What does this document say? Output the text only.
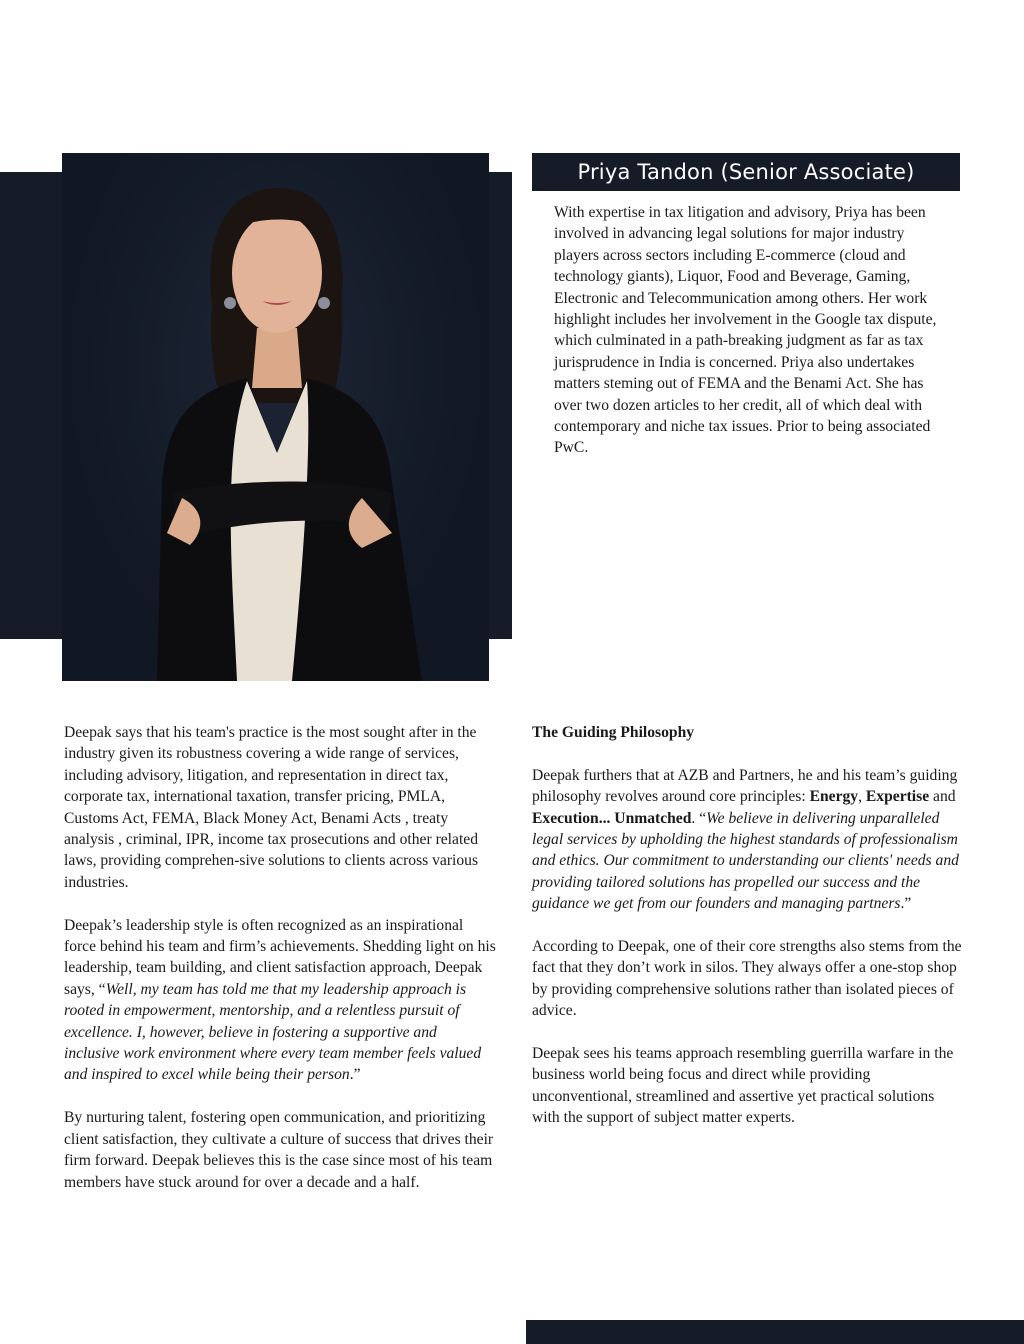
Priya Tandon (Senior Associate)
With expertise in tax litigation and advisory, Priya has been involved in advancing legal solutions for major industry players across sectors including E-commerce (cloud and technology giants), Liquor, Food and Beverage, Gaming, Electronic and Telecommunication among others. Her work highlight includes her involvement in the Google tax dispute, which culminated in a path-breaking judgment as far as tax jurisprudence in India is concerned. Priya also undertakes matters steming out of FEMA and the Benami Act. She has over two dozen articles to her credit, all of which deal with contemporary and niche tax issues. Prior to being associated PwC.

Deepak says that his team's practice is the most sought after in the industry given its robustness covering a wide range of services, including advisory, litigation, and representation in direct tax, corporate tax, international taxation, transfer pricing, PMLA, Customs Act, FEMA, Black Money Act, Benami Acts , treaty analysis , criminal, IPR, income tax prosecutions and other related laws, providing comprehen-sive solutions to clients across various industries.

Deepak’s leadership style is often recognized as an inspirational force behind his team and firm’s achievements. Shedding light on his leadership, team building, and client satisfaction approach, Deepak says, “Well, my team has told me that my leadership approach is rooted in empowerment, mentorship, and a relentless pursuit of excellence. I, however, believe in fostering a supportive and inclusive work environment where every team member feels valued and inspired to excel while being their person.”

By nurturing talent, fostering open communication, and prioritizing client satisfaction, they cultivate a culture of success that drives their firm forward. Deepak believes this is the case since most of his team members have stuck around for over a decade and a half.

The Guiding Philosophy

Deepak furthers that at AZB and Partners, he and his team’s guiding philosophy revolves around core principles: Energy, Expertise and Execution... Unmatched. “We believe in delivering unparalleled legal services by upholding the highest standards of professionalism and ethics. Our commitment to understanding our clients' needs and providing tailored solutions has propelled our success and the guidance we get from our founders and managing partners.”

According to Deepak, one of their core strengths also stems from the fact that they don’t work in silos. They always offer a one-stop shop by providing comprehensive solutions rather than isolated pieces of advice.

Deepak sees his teams approach resembling guerrilla warfare in the business world being focus and direct while providing unconventional, streamlined and assertive yet practical solutions with the support of subject matter experts.
